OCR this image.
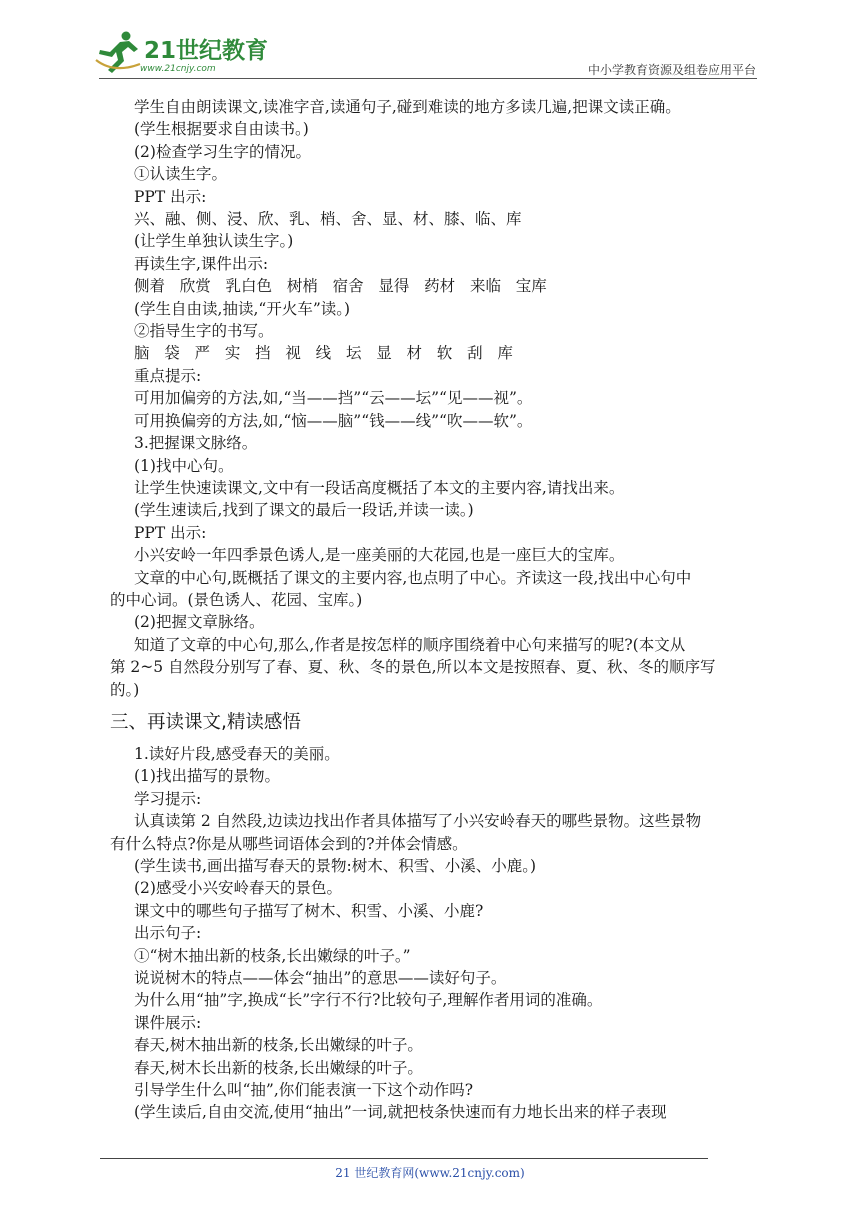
21世纪教育
www.21cnjy.com	中小学教育资源及组卷应用平台

学生自由朗读课文,读准字音,读通句子,碰到难读的地方多读几遍,把课文读正确。

(学生根据要求自由读书。)

(2)检查学习生字的情况。

①认读生字。

PPT 出示:

兴、融、侧、浸、欣、乳、梢、舍、显、材、膝、临、库

(让学生单独认读生字。)

再读生字,课件出示:

侧着   欣赏   乳白色   树梢   宿舍   显得   药材   来临   宝库

(学生自由读,抽读,“开火车”读。)

②指导生字的书写。

脑   袋   严   实   挡   视   线   坛   显   材   软   刮   库

重点提示:

可用加偏旁的方法,如,“当——挡”“云——坛”“见——视”。

可用换偏旁的方法,如,“恼——脑”“钱——线”“吹——软”。

3.把握课文脉络。

(1)找中心句。

让学生快速读课文,文中有一段话高度概括了本文的主要内容,请找出来。

(学生速读后,找到了课文的最后一段话,并读一读。)

PPT 出示:

小兴安岭一年四季景色诱人,是一座美丽的大花园,也是一座巨大的宝库。

文章的中心句,既概括了课文的主要内容,也点明了中心。齐读这一段,找出中心句中

的中心词。(景色诱人、花园、宝库。)

(2)把握文章脉络。

知道了文章的中心句,那么,作者是按怎样的顺序围绕着中心句来描写的呢?(本文从

第 2~5 自然段分别写了春、夏、秋、冬的景色,所以本文是按照春、夏、秋、冬的顺序写

的。)

三、再读课文,精读感悟

1.读好片段,感受春天的美丽。

(1)找出描写的景物。

学习提示:

认真读第 2 自然段,边读边找出作者具体描写了小兴安岭春天的哪些景物。这些景物

有什么特点?你是从哪些词语体会到的?并体会情感。

(学生读书,画出描写春天的景物:树木、积雪、小溪、小鹿。)

(2)感受小兴安岭春天的景色。

课文中的哪些句子描写了树木、积雪、小溪、小鹿?

出示句子:

①“树木抽出新的枝条,长出嫩绿的叶子。”

说说树木的特点——体会“抽出”的意思——读好句子。

为什么用“抽”字,换成“长”字行不行?比较句子,理解作者用词的准确。

课件展示:

春天,树木抽出新的枝条,长出嫩绿的叶子。

春天,树木长出新的枝条,长出嫩绿的叶子。

引导学生什么叫“抽”,你们能表演一下这个动作吗?

(学生读后,自由交流,使用“抽出”一词,就把枝条快速而有力地长出来的样子表现

21 世纪教育网(www.21cnjy.com)
